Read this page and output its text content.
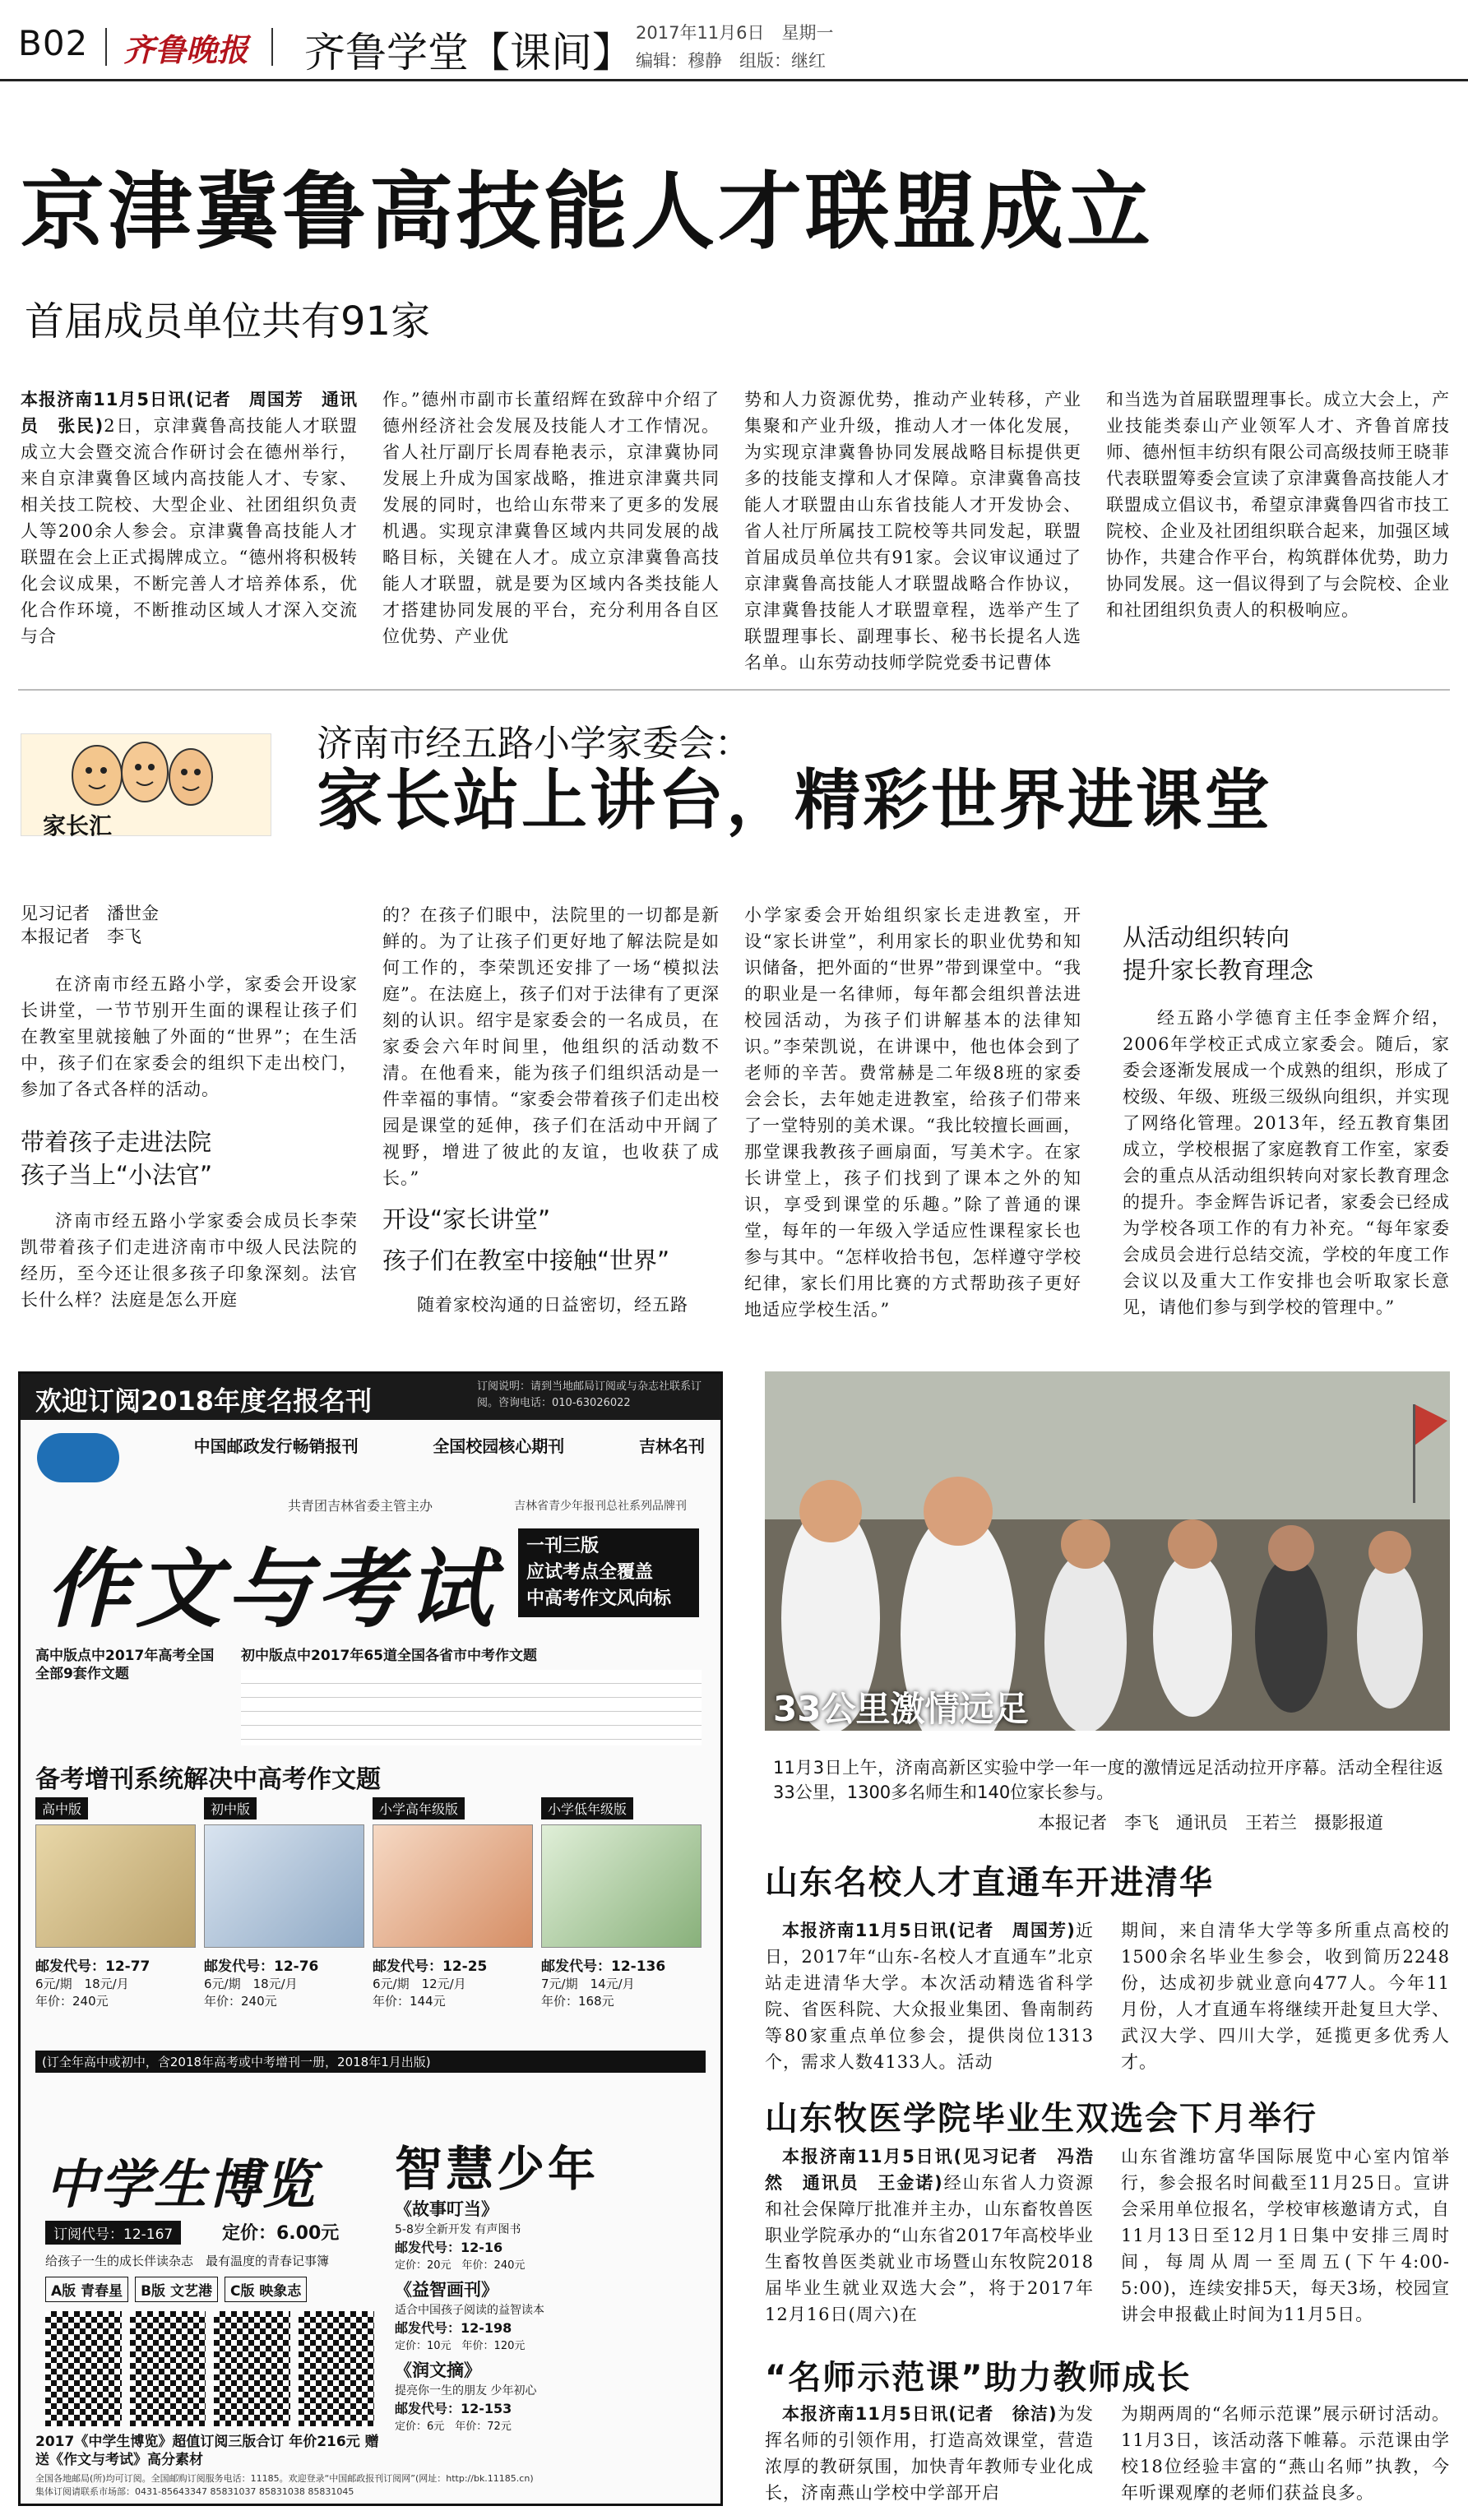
B02 齐鲁晚报 齐鲁学堂【课间】 2017年11月6日　星期一
编辑：穆静　组版：继红
京津冀鲁高技能人才联盟成立
首届成员单位共有91家

本报济南11月5日讯(记者　周国芳　通讯员　张民)2日，京津冀鲁高技能人才联盟成立大会暨交流合作研讨会在德州举行，来自京津冀鲁区域内高技能人才、专家、相关技工院校、大型企业、社团组织负责人等200余人参会。京津冀鲁高技能人才联盟在会上正式揭牌成立。“德州将积极转化会议成果，不断完善人才培养体系，优化合作环境，不断推动区域人才深入交流与合

作。”德州市副市长董绍辉在致辞中介绍了德州经济社会发展及技能人才工作情况。省人社厅副厅长周春艳表示，京津冀协同发展上升成为国家战略，推进京津冀共同发展的同时，也给山东带来了更多的发展机遇。实现京津冀鲁区域内共同发展的战略目标，关键在人才。成立京津冀鲁高技能人才联盟，就是要为区域内各类技能人才搭建协同发展的平台，充分利用各自区位优势、产业优

势和人力资源优势，推动产业转移，产业集聚和产业升级，推动人才一体化发展，为实现京津冀鲁协同发展战略目标提供更多的技能支撑和人才保障。京津冀鲁高技能人才联盟由山东省技能人才开发协会、省人社厅所属技工院校等共同发起，联盟首届成员单位共有91家。会议审议通过了京津冀鲁高技能人才联盟战略合作协议，京津冀鲁技能人才联盟章程，选举产生了联盟理事长、副理事长、秘书长提名人选名单。山东劳动技师学院党委书记曹体

和当选为首届联盟理事长。成立大会上，产业技能类泰山产业领军人才、齐鲁首席技师、德州恒丰纺织有限公司高级技师王晓菲代表联盟筹委会宣读了京津冀鲁高技能人才联盟成立倡议书，希望京津冀鲁四省市技工院校、企业及社团组织联合起来，加强区域协作，共建合作平台，构筑群体优势，助力协同发展。这一倡议得到了与会院校、企业和社团组织负责人的积极响应。

家长汇
济南市经五路小学家委会：
家长站上讲台，精彩世界进课堂
见习记者　潘世金
本报记者　李飞

在济南市经五路小学，家委会开设家长讲堂，一节节别开生面的课程让孩子们在教室里就接触了外面的“世界”；在生活中，孩子们在家委会的组织下走出校门，参加了各式各样的活动。

带着孩子走进法院
孩子当上“小法官”

济南市经五路小学家委会成员长李荣凯带着孩子们走进济南市中级人民法院的经历，至今还让很多孩子印象深刻。法官长什么样？法庭是怎么开庭

的？在孩子们眼中，法院里的一切都是新鲜的。为了让孩子们更好地了解法院是如何工作的，李荣凯还安排了一场“模拟法庭”。在法庭上，孩子们对于法律有了更深刻的认识。绍宇是家委会的一名成员，在家委会六年时间里，他组织的活动数不清。在他看来，能为孩子们组织活动是一件幸福的事情。“家委会带着孩子们走出校园是课堂的延伸，孩子们在活动中开阔了视野，增进了彼此的友谊，也收获了成长。”

开设“家长讲堂”
孩子们在教室中接触“世界”

随着家校沟通的日益密切，经五路

小学家委会开始组织家长走进教室，开设“家长讲堂”，利用家长的职业优势和知识储备，把外面的“世界”带到课堂中。“我的职业是一名律师，每年都会组织普法进校园活动，为孩子们讲解基本的法律知识。”李荣凯说，在讲课中，他也体会到了老师的辛苦。费常赫是二年级8班的家委会会长，去年她走进教室，给孩子们带来了一堂特别的美术课。“我比较擅长画画，那堂课我教孩子画扇面，写美术字。在家长讲堂上，孩子们找到了课本之外的知识，享受到课堂的乐趣。”除了普通的课堂，每年的一年级入学适应性课程家长也参与其中。“怎样收拾书包，怎样遵守学校纪律，家长们用比赛的方式帮助孩子更好地适应学校生活。”

从活动组织转向
提升家长教育理念

经五路小学德育主任李金辉介绍，2006年学校正式成立家委会。随后，家委会逐渐发展成一个成熟的组织，形成了校级、年级、班级三级纵向组织，并实现了网络化管理。2013年，经五教育集团成立，学校根据了家庭教育工作室，家委会的重点从活动组织转向对家长教育理念的提升。李金辉告诉记者，家委会已经成为学校各项工作的有力补充。“每年家委会成员会进行总结交流，学校的年度工作会议以及重大工作安排也会听取家长意见，请他们参与到学校的管理中。”

欢迎订阅2018年度名报名刊	订阅说明：请到当地邮局订阅或与杂志社联系订阅。咨询电话：010-63026022
中国邮政发行畅销报刊	全国校园核心期刊	吉林名刊
共青团吉林省委主管主办	吉林省青少年报刊总社系列品牌刊
作文与考试 一刊三版
应试考点全覆盖
中高考作文风向标
高中版点中2017年高考全国全部9套作文题
初中版点中2017年65道全国各省市中考作文题
备考增刊系统解决中高考作文题
高中版
邮发代号：12-77
6元/期　18元/月
年价：240元
初中版
邮发代号：12-76
6元/期　18元/月
年价：240元
小学高年级版
邮发代号：12-25
6元/期　12元/月
年价：144元
小学低年级版
邮发代号：12-136
7元/期　14元/月
年价：168元
(订全年高中或初中，含2018年高考或中考增刊一册，2018年1月出版)
中学生博览
订阅代号：12-167	定价：6.00元
给孩子一生的成长伴读杂志　最有温度的青春记事簿
A版 青春星	B版 文艺港	C版 映象志
智慧少年
《故事叮当》
5-8岁全新开发 有声图书
邮发代号：12-16
定价：20元　年价：240元
《益智画刊》
适合中国孩子阅读的益智读本
邮发代号：12-198
定价：10元　年价：120元
《润文摘》
提亮你一生的朋友 少年初心
邮发代号：12-153
定价：6元　年价：72元
2017《中学生博览》超值订阅三版合订 年价216元 赠送《作文与考试》高分素材
全国各地邮局(所)均可订阅。全国邮购订阅服务电话：11185。欢迎登录“中国邮政报刊订阅网”(网址：http://bk.11185.cn)
集体订阅请联系市场部：0431-85643347 85831037 85831038 85831045
33公里激情远足
11月3日上午，济南高新区实验中学一年一度的激情远足活动拉开序幕。活动全程往返33公里，1300多名师生和140位家长参与。
本报记者　李飞　通讯员　王若兰　摄影报道
山东名校人才直通车开进清华
本报济南11月5日讯(记者　周国芳)近日，2017年“山东-名校人才直通车”北京站走进清华大学。本次活动精选省科学院、省医科院、大众报业集团、鲁南制药等80家重点单位参会，提供岗位1313个，需求人数4133人。活动
期间，来自清华大学等多所重点高校的1500余名毕业生参会，收到简历2248份，达成初步就业意向477人。今年11月份，人才直通车将继续开赴复旦大学、武汉大学、四川大学，延揽更多优秀人才。
山东牧医学院毕业生双选会下月举行
本报济南11月5日讯(见习记者　冯浩然　通讯员　王金诺)经山东省人力资源和社会保障厅批准并主办，山东畜牧兽医职业学院承办的“山东省2017年高校毕业生畜牧兽医类就业市场暨山东牧院2018届毕业生就业双选大会”，将于2017年12月16日(周六)在
山东省潍坊富华国际展览中心室内馆举行，参会报名时间截至11月25日。宣讲会采用单位报名，学校审核邀请方式，自11月13日至12月1日集中安排三周时间，每周从周一至周五(下午4:00-5:00)，连续安排5天，每天3场，校园宣讲会申报截止时间为11月5日。
“名师示范课”助力教师成长
本报济南11月5日讯(记者　徐洁)为发挥名师的引领作用，打造高效课堂，营造浓厚的教研氛围，加快青年教师专业化成长，济南燕山学校中学部开启
为期两周的“名师示范课”展示研讨活动。11月3日，该活动落下帷幕。示范课由学校18位经验丰富的“燕山名师”执教，今年听课观摩的老师们获益良多。
